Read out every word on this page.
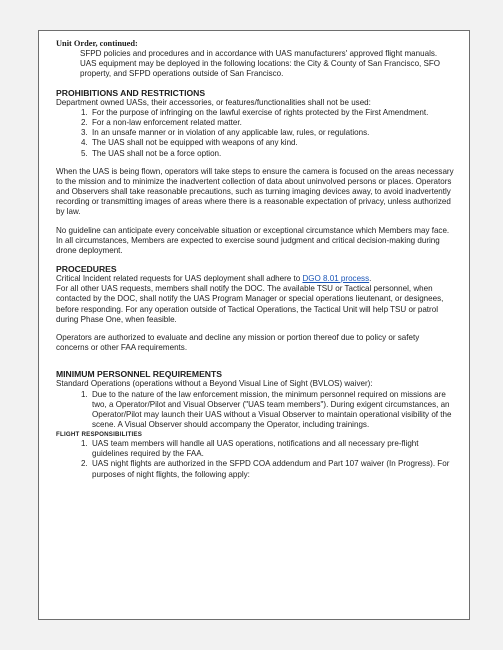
Unit Order, continued:

SFPD policies and procedures and in accordance with UAS manufacturers' approved flight manuals. UAS equipment may be deployed in the following locations: the City & County of San Francisco, SFO property, and SFPD operations outside of San Francisco.

PROHIBITIONS AND RESTRICTIONS

Department owned UASs, their accessories, or features/functionalities shall not be used:

1. For the purpose of infringing on the lawful exercise of rights protected by the First Amendment.
2. For a non-law enforcement related matter.
3. In an unsafe manner or in violation of any applicable law, rules, or regulations.
4. The UAS shall not be equipped with weapons of any kind.
5. The UAS shall not be a force option.

When the UAS is being flown, operators will take steps to ensure the camera is focused on the areas necessary to the mission and to minimize the inadvertent collection of data about uninvolved persons or places. Operators and Observers shall take reasonable precautions, such as turning imaging devices away, to avoid inadvertently recording or transmitting images of areas where there is a reasonable expectation of privacy, unless authorized by law.

No guideline can anticipate every conceivable situation or exceptional circumstance which Members may face. In all circumstances, Members are expected to exercise sound judgment and critical decision-making during drone deployment.

PROCEDURES

Critical Incident related requests for UAS deployment shall adhere to DGO 8.01 process.

For all other UAS requests, members shall notify the DOC. The available TSU or Tactical personnel, when contacted by the DOC, shall notify the UAS Program Manager or special operations lieutenant, or designees, before responding. For any operation outside of Tactical Operations, the Tactical Unit will help TSU or patrol during Phase One, when feasible.

Operators are authorized to evaluate and decline any mission or portion thereof due to policy or safety concerns or other FAA requirements.

MINIMUM PERSONNEL REQUIREMENTS

Standard Operations (operations without a Beyond Visual Line of Sight (BVLOS) waiver):

1. Due to the nature of the law enforcement mission, the minimum personnel required on missions are two, a Operator/Pilot and Visual Observer ("UAS team members"). During exigent circumstances, an Operator/Pilot may launch their UAS without a Visual Observer to maintain operational visibility of the scene. A Visual Observer should accompany the Operator, including trainings.
FLIGHT RESPONSIBILITIES
1. UAS team members will handle all UAS operations, notifications and all necessary pre-flight guidelines required by the FAA.
2. UAS night flights are authorized in the SFPD COA addendum and Part 107 waiver (In Progress). For purposes of night flights, the following apply:
